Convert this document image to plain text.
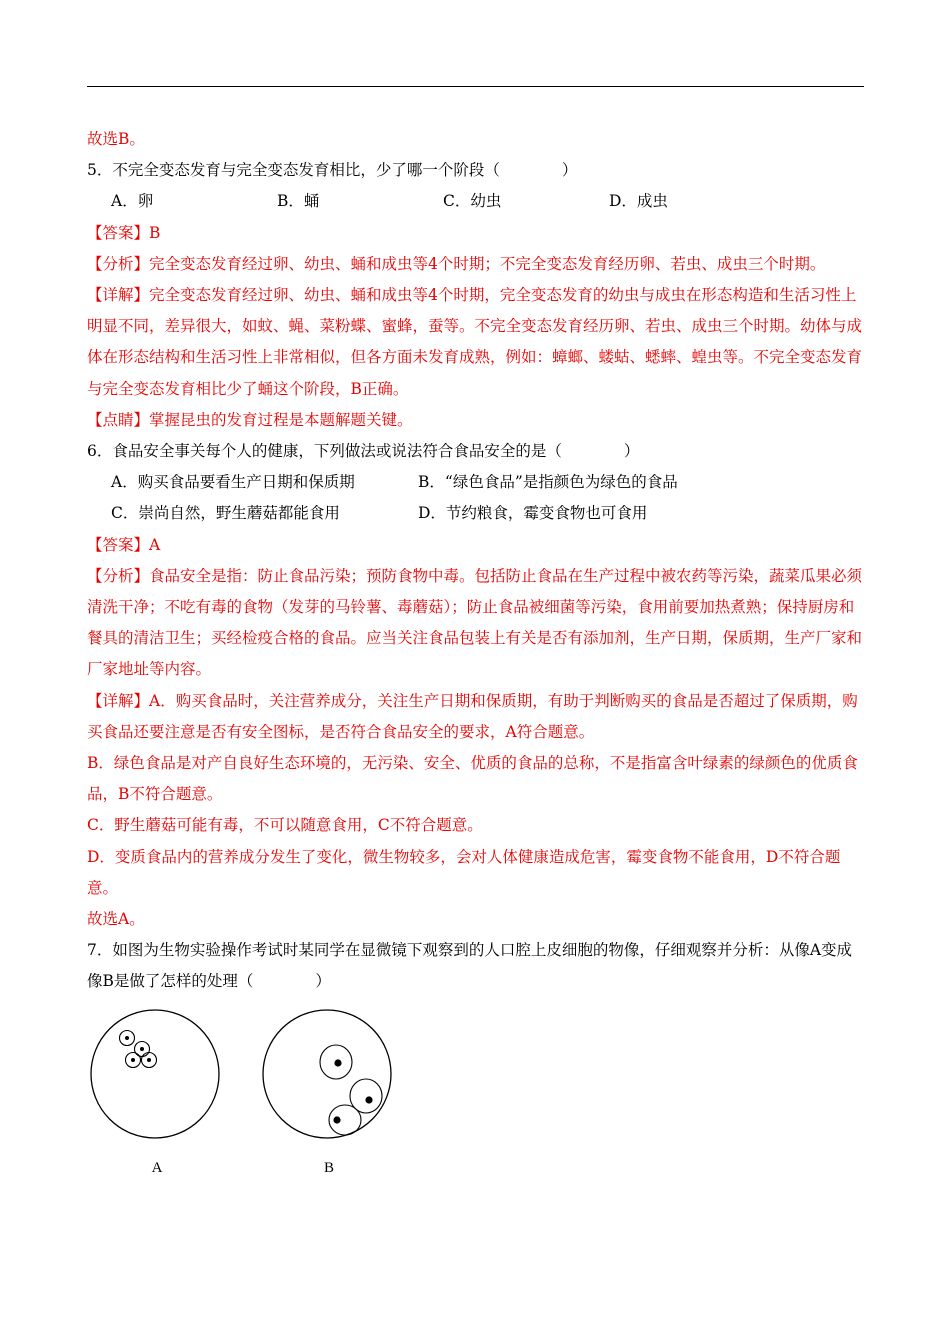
故选B。

5．不完全变态发育与完全变态发育相比，少了哪一个阶段（　　　　）

A．卵	B．蛹	C．幼虫	D．成虫

【答案】B

【分析】完全变态发育经过卵、幼虫、蛹和成虫等4个时期；不完全变态发育经历卵、若虫、成虫三个时期。

【详解】完全变态发育经过卵、幼虫、蛹和成虫等4个时期，完全变态发育的幼虫与成虫在形态构造和生活习性上明显不同，差异很大，如蚊、蝇、菜粉蝶、蜜蜂，蚕等。不完全变态发育经历卵、若虫、成虫三个时期。幼体与成体在形态结构和生活习性上非常相似，但各方面未发育成熟，例如：蟑螂、蝼蛄、蟋蟀、蝗虫等。不完全变态发育与完全变态发育相比少了蛹这个阶段，B正确。

【点睛】掌握昆虫的发育过程是本题解题关键。

6．食品安全事关每个人的健康，下列做法或说法符合食品安全的是（　　　　）

A．购买食品要看生产日期和保质期	B．“绿色食品”是指颜色为绿色的食品
C．崇尚自然，野生蘑菇都能食用	D．节约粮食，霉变食物也可食用

【答案】A

【分析】食品安全是指：防止食品污染；预防食物中毒。包括防止食品在生产过程中被农药等污染，蔬菜瓜果必须清洗干净；不吃有毒的食物（发芽的马铃薯、毒蘑菇）；防止食品被细菌等污染，食用前要加热煮熟；保持厨房和餐具的清洁卫生；买经检疫合格的食品。应当关注食品包装上有关是否有添加剂，生产日期，保质期，生产厂家和厂家地址等内容。

【详解】A．购买食品时，关注营养成分，关注生产日期和保质期，有助于判断购买的食品是否超过了保质期，购买食品还要注意是否有安全图标，是否符合食品安全的要求，A符合题意。

B．绿色食品是对产自良好生态环境的，无污染、安全、优质的食品的总称，不是指富含叶绿素的绿颜色的优质食品，B不符合题意。

C．野生蘑菇可能有毒，不可以随意食用，C不符合题意。

D．变质食品内的营养成分发生了变化，微生物较多，会对人体健康造成危害，霉变食物不能食用，D不符合题意。

故选A。

7．如图为生物实验操作考试时某同学在显微镜下观察到的人口腔上皮细胞的物像，仔细观察并分析：从像A变成像B是做了怎样的处理（　　　　）

A	B
